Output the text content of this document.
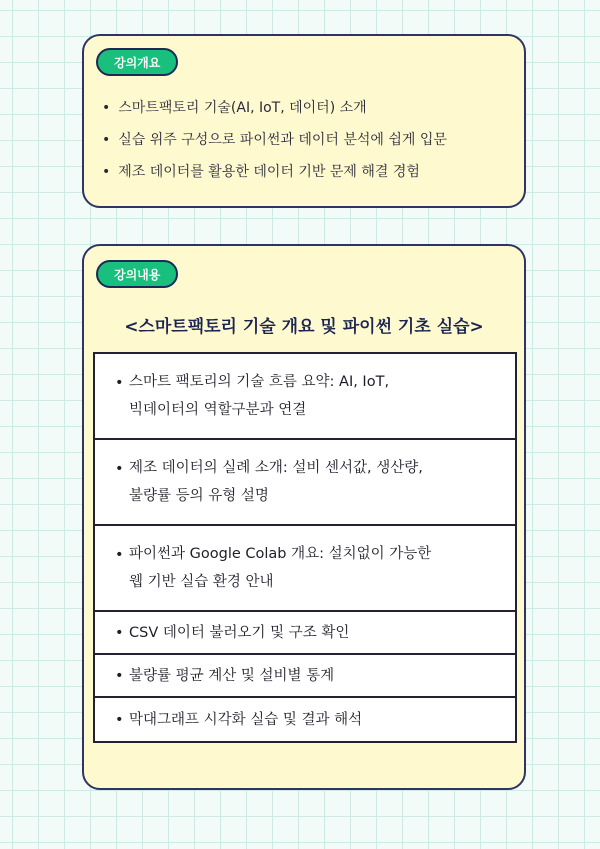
강의개요
• 스마트팩토리 기술(AI, IoT, 데이터) 소개
• 실습 위주 구성으로 파이썬과 데이터 분석에 쉽게 입문
• 제조 데이터를 활용한 데이터 기반 문제 해결 경험
강의내용
<스마트팩토리 기술 개요 및 파이썬 기초 실습>
• 스마트 팩토리의 기술 흐름 요약: AI, IoT,
빅데이터의 역할구분과 연결
• 제조 데이터의 실례 소개: 설비 센서값, 생산량,
불량률 등의 유형 설명
• 파이썬과 Google Colab 개요: 설치없이 가능한
웹 기반 실습 환경 안내
• CSV 데이터 불러오기 및 구조 확인
• 불량률 평균 계산 및 설비별 통계
• 막대그래프 시각화 실습 및 결과 해석
